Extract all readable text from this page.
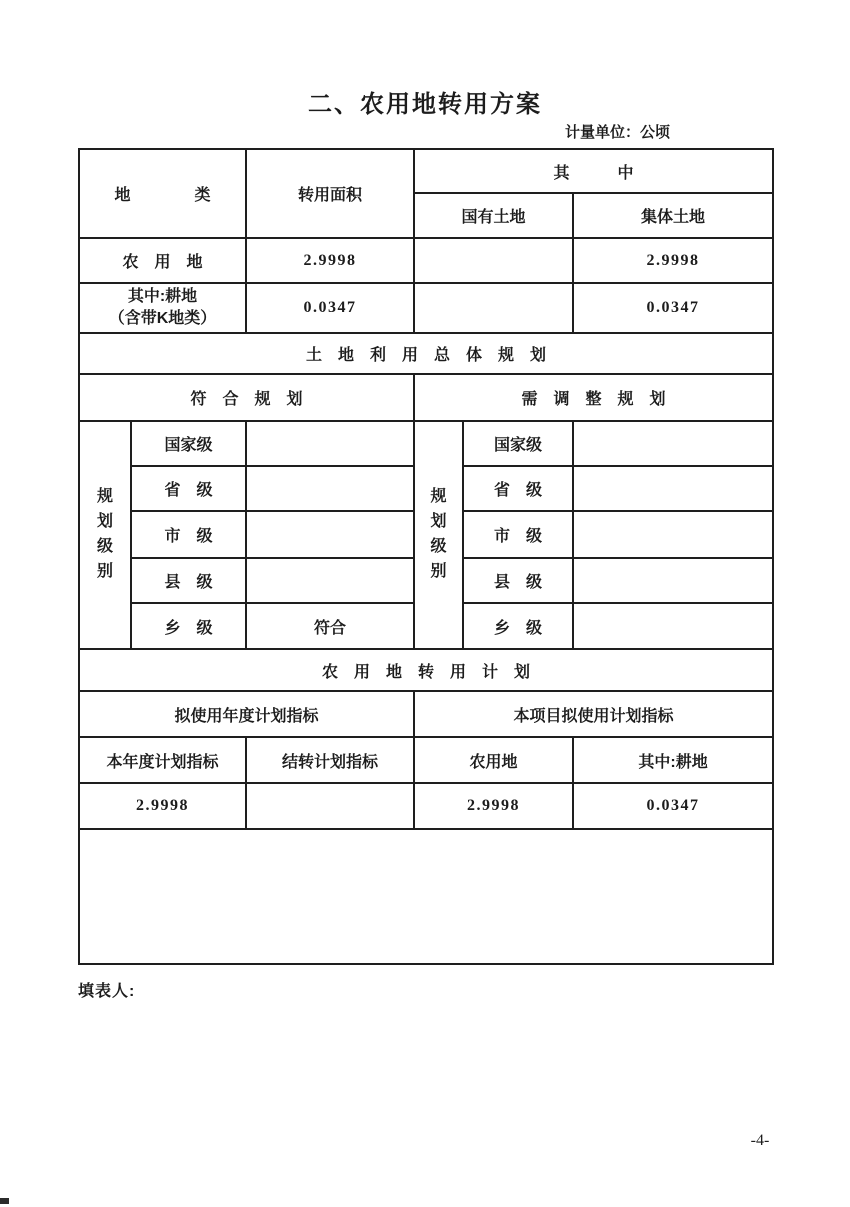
二、农用地转用方案
计量单位：公顷
地　　　　类		转用面积	其　　　中		
			国有土地		集体土地
农　用　地		2.9998			2.9998
其中:耕地
（含带K地类）		0.0347			0.0347
土　地　利　用　总　体　规　划					
符　合　规　划			需　调　整　规　划		

规划级别	国家级		规划级别	国家级	
	省　级			省　级	
	市　级			市　级	
	县　级			县　级	
	乡　级	符合		乡　级	
农　用　地　转　用　计　划					
拟使用年度计划指标			本项目拟使用计划指标		
本年度计划指标		结转计划指标	农用地		其中:耕地
2.9998			2.9998		0.0347

填表人:
-4-
